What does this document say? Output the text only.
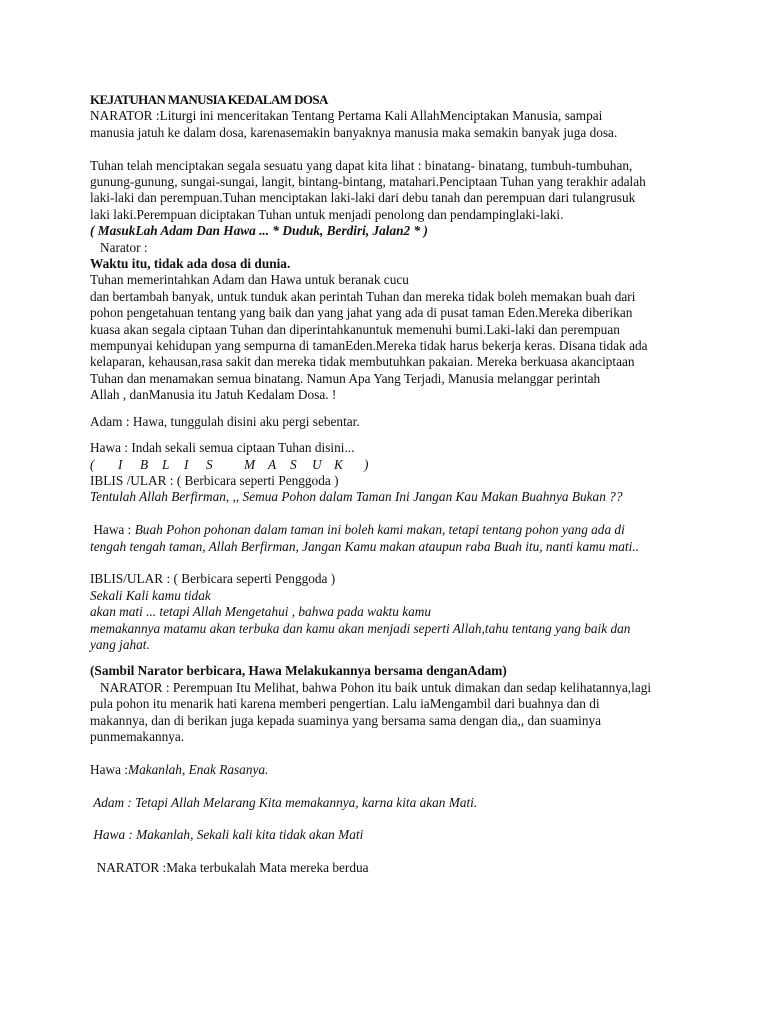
KEJATUHAN MANUSIA KEDALAM DOSA

NARATOR :Liturgi ini menceritakan Tentang Pertama Kali AllahMenciptakan Manusia, sampai

manusia jatuh ke dalam dosa, karenasemakin banyaknya manusia maka semakin banyak juga dosa.

Tuhan telah menciptakan segala sesuatu yang dapat kita lihat : binatang- binatang, tumbuh-tumbuhan,

gunung-gunung, sungai-sungai, langit, bintang-bintang, matahari.Penciptaan Tuhan yang terakhir adalah

laki-laki dan perempuan.Tuhan menciptakan laki-laki dari debu tanah dan perempuan dari tulangrusuk

laki laki.Perempuan diciptakan Tuhan untuk menjadi penolong dan pendampinglaki-laki.

( MasukLah Adam Dan Hawa ... * Duduk, Berdiri, Jalan2 * )

Narator :

Waktu itu, tidak ada dosa di dunia.

Tuhan memerintahkan Adam dan Hawa untuk beranak cucu

dan bertambah banyak, untuk tunduk akan perintah Tuhan dan mereka tidak boleh memakan buah dari

pohon pengetahuan tentang yang baik dan yang jahat yang ada di pusat taman Eden.Mereka diberikan

kuasa akan segala ciptaan Tuhan dan diperintahkanuntuk memenuhi bumi.Laki-laki dan perempuan

mempunyai kehidupan yang sempurna di tamanEden.Mereka tidak harus bekerja keras. Disana tidak ada

kelaparan, kehausan,rasa sakit dan mereka tidak membutuhkan pakaian. Mereka berkuasa akanciptaan

Tuhan dan menamakan semua binatang. Namun Apa Yang Terjadi, Manusia melanggar perintah

Allah , danManusia itu Jatuh Kedalam Dosa. !

Adam : Hawa, tunggulah disini aku pergi sebentar.

Hawa : Indah sekali semua ciptaan Tuhan disini...

( I B L I S M A S U K )

IBLIS /ULAR : ( Berbicara seperti Penggoda )

Tentulah Allah Berfirman, ,, Semua Pohon dalam Taman Ini Jangan Kau Makan Buahnya Bukan ??

Hawa : Buah Pohon pohonan dalam taman ini boleh kami makan, tetapi tentang pohon yang ada di

tengah tengah taman, Allah Berfirman, Jangan Kamu makan ataupun raba Buah itu, nanti kamu mati..

IBLIS/ULAR : ( Berbicara seperti Penggoda )

Sekali Kali kamu tidak

akan mati ... tetapi Allah Mengetahui , bahwa pada waktu kamu

memakannya matamu akan terbuka dan kamu akan menjadi seperti Allah,tahu tentang yang baik dan

yang jahat.

(Sambil Narator berbicara, Hawa Melakukannya bersama denganAdam)

NARATOR : Perempuan Itu Melihat, bahwa Pohon itu baik untuk dimakan dan sedap kelihatannya,lagi

pula pohon itu menarik hati karena memberi pengertian. Lalu iaMengambil dari buahnya dan di

makannya, dan di berikan juga kepada suaminya yang bersama sama dengan dia,, dan suaminya

punmemakannya.

Hawa :Makanlah, Enak Rasanya.

Adam : Tetapi Allah Melarang Kita memakannya, karna kita akan Mati.

Hawa : Makanlah, Sekali kali kita tidak akan Mati

NARATOR :Maka terbukalah Mata mereka berdua
